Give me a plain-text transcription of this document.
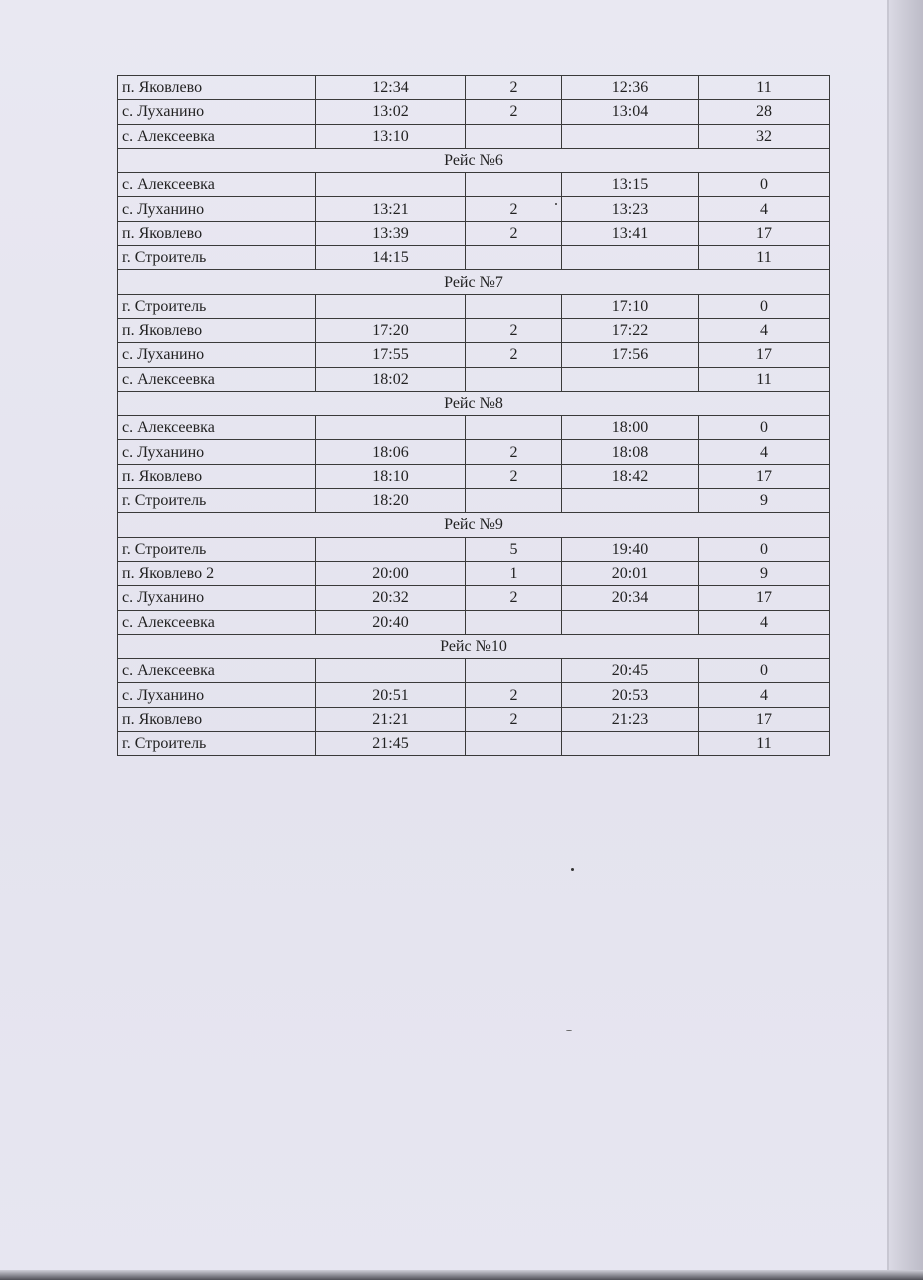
п. Яковлево	12:34	2	12:36	11
с. Луханино	13:02	2	13:04	28
с. Алексеевка	13:10			32
Рейс №6				
с. Алексеевка			13:15	0
с. Луханино	13:21	2	13:23	4
п. Яковлево	13:39	2	13:41	17
г. Строитель	14:15			11
Рейс №7				
г. Строитель			17:10	0
п. Яковлево	17:20	2	17:22	4
с. Луханино	17:55	2	17:56	17
с. Алексеевка	18:02			11
Рейс №8				
с. Алексеевка			18:00	0
с. Луханино	18:06	2	18:08	4
п. Яковлево	18:10	2	18:42	17
г. Строитель	18:20			9
Рейс №9				
г. Строитель		5	19:40	0
п. Яковлево 2	20:00	1	20:01	9
с. Луханино	20:32	2	20:34	17
с. Алексеевка	20:40			4
Рейс №10				
с. Алексеевка			20:45	0
с. Луханино	20:51	2	20:53	4
п. Яковлево	21:21	2	21:23	17
г. Строитель	21:45			11
